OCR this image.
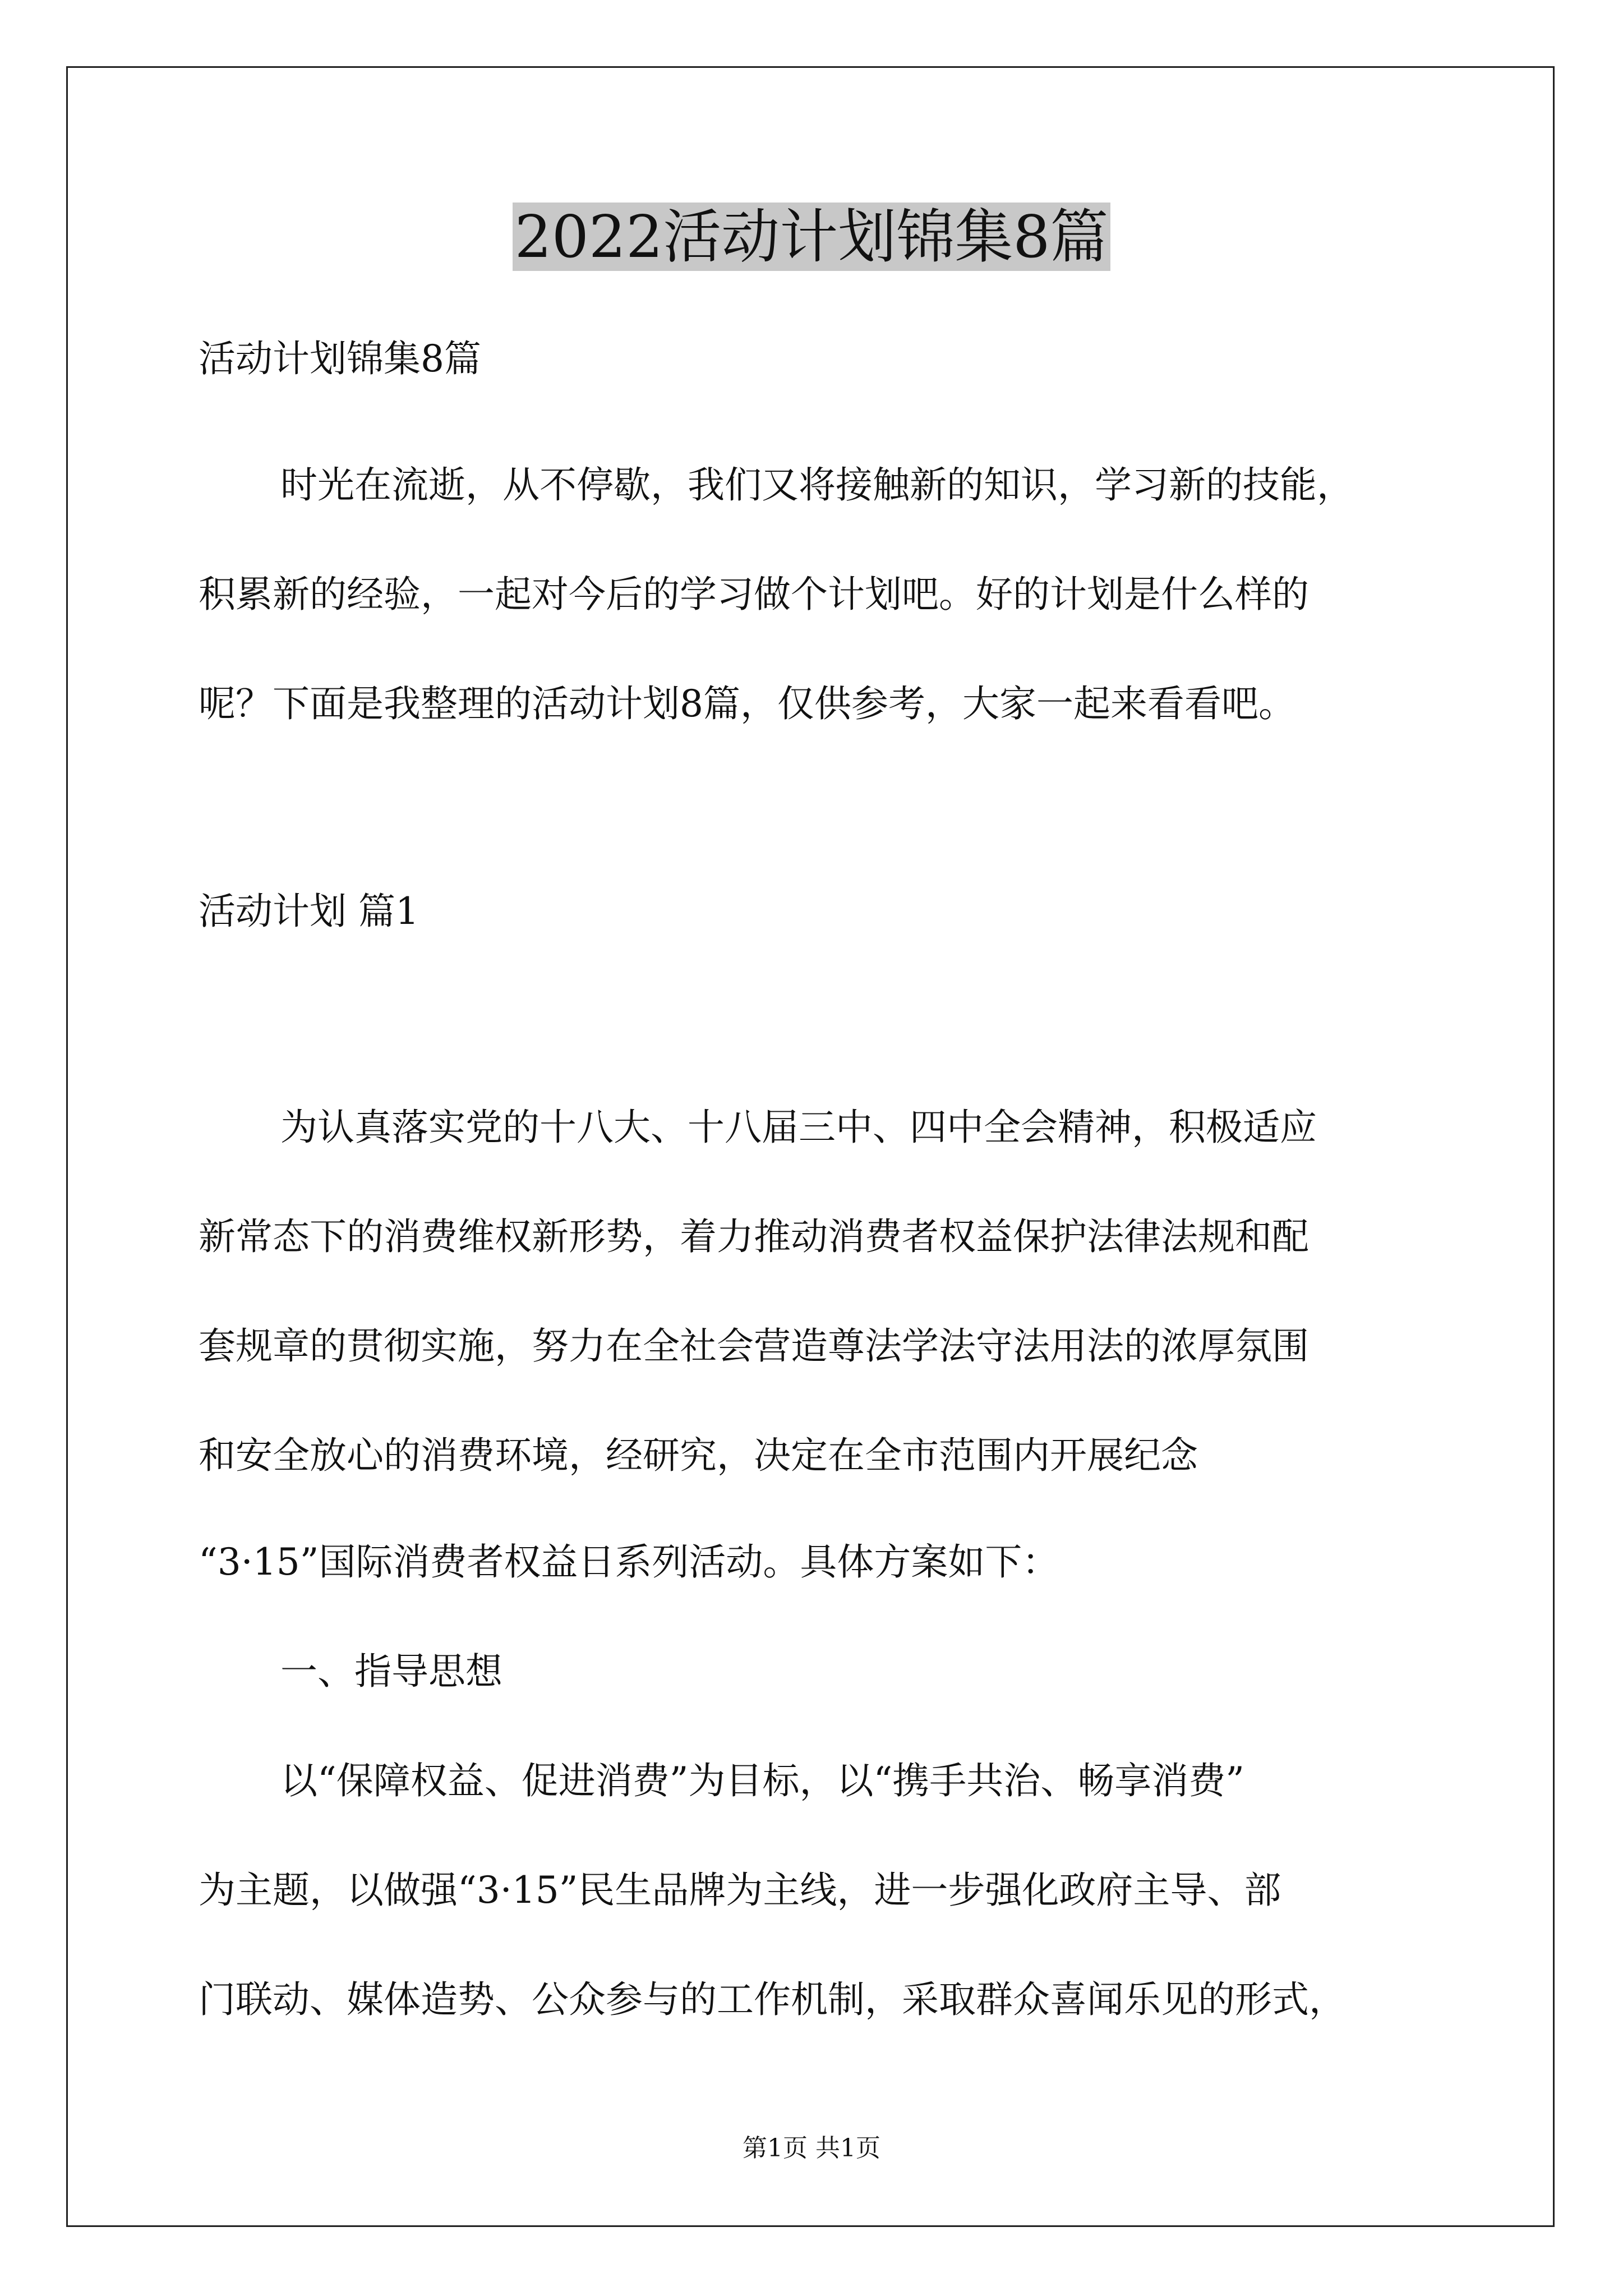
2022活动计划锦集8篇

活动计划锦集8篇

时光在流逝，从不停歇，我们又将接触新的知识，学习新的技能，

积累新的经验，一起对今后的学习做个计划吧。好的计划是什么样的

呢？下面是我整理的活动计划8篇，仅供参考，大家一起来看看吧。

活动计划 篇1

为认真落实党的十八大、十八届三中、四中全会精神，积极适应

新常态下的消费维权新形势，着力推动消费者权益保护法律法规和配

套规章的贯彻实施，努力在全社会营造尊法学法守法用法的浓厚氛围

和安全放心的消费环境，经研究，决定在全市范围内开展纪念

“3·15”国际消费者权益日系列活动。具体方案如下：

一、指导思想

以“保障权益、促进消费”为目标，以“携手共治、畅享消费”

为主题，以做强“3·15”民生品牌为主线，进一步强化政府主导、部

门联动、媒体造势、公众参与的工作机制，采取群众喜闻乐见的形式，

第1页 共1页
